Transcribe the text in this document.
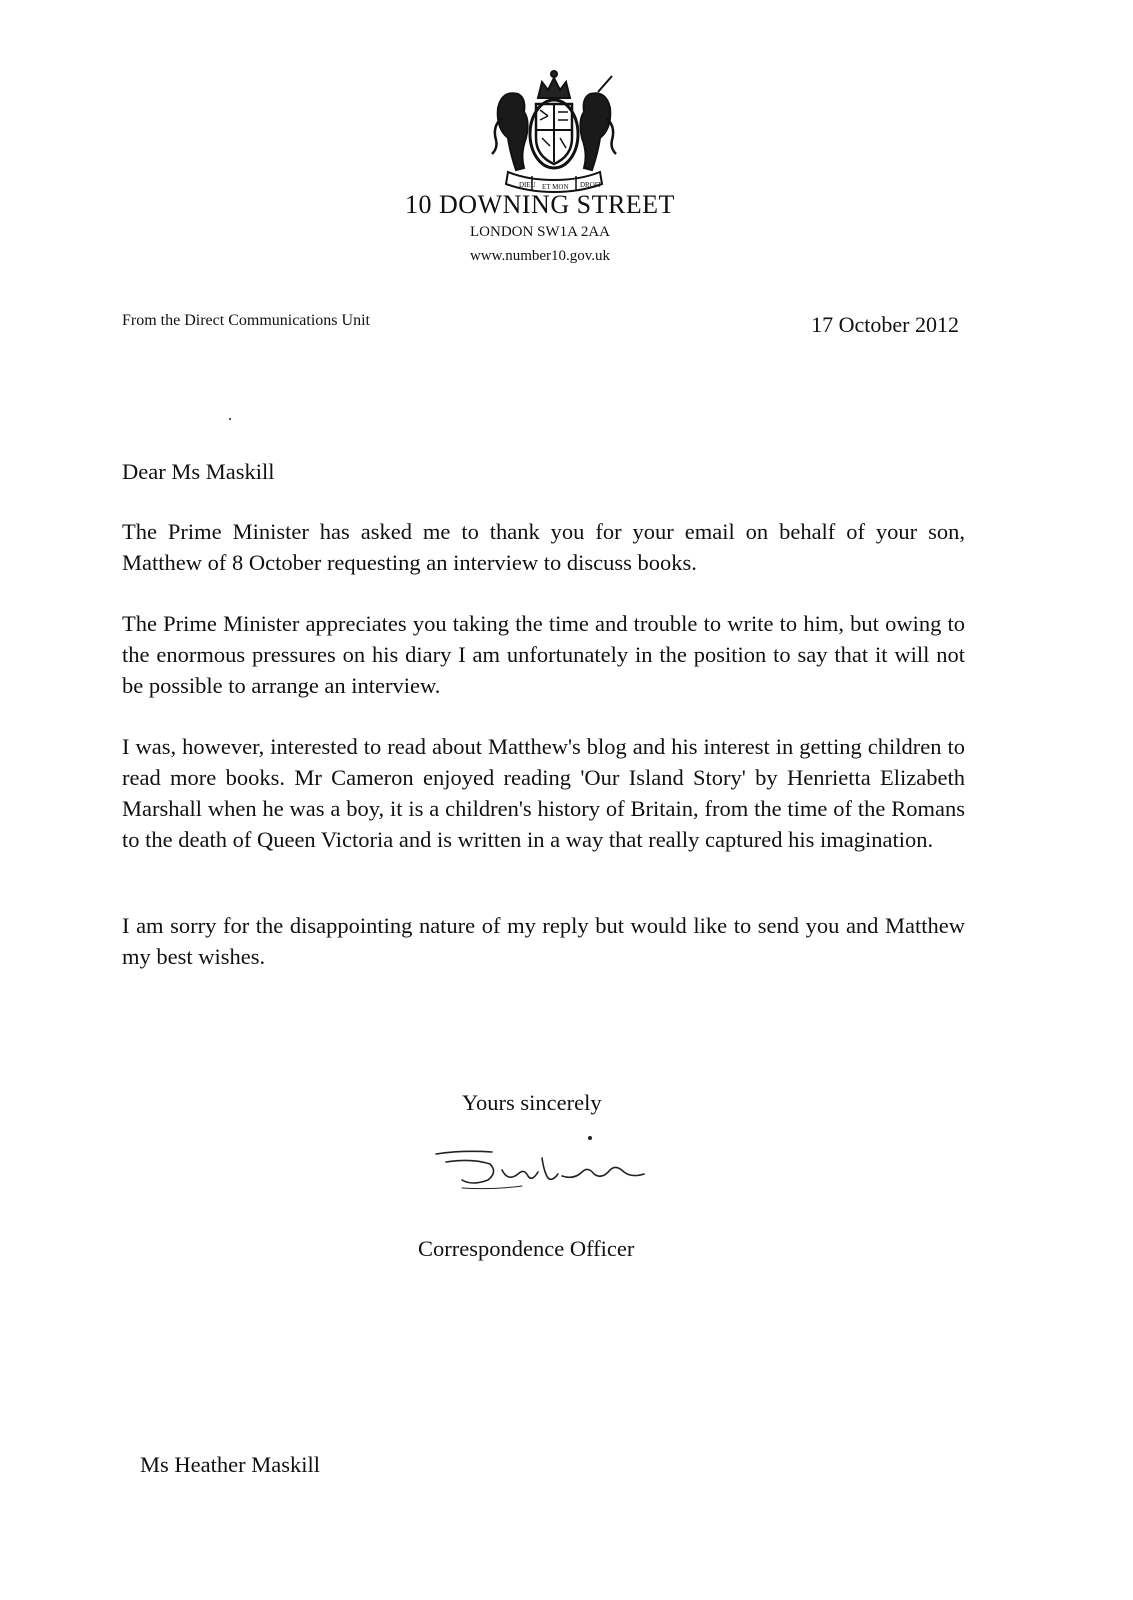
DIEU ET MON DROIT
10 DOWNING STREET

LONDON SW1A 2AA

www.number10.gov.uk

From the Direct Communications Unit	17 October 2012

Dear Ms Maskill

The Prime Minister has asked me to thank you for your email on behalf of your son, Matthew of 8 October requesting an interview to discuss books.

The Prime Minister appreciates you taking the time and trouble to write to him, but owing to the enormous pressures on his diary I am unfortunately in the position to say that it will not be possible to arrange an interview.

I was, however, interested to read about Matthew's blog and his interest in getting children to read more books. Mr Cameron enjoyed reading 'Our Island Story' by Henrietta Elizabeth Marshall when he was a boy, it is a children's history of Britain, from the time of the Romans to the death of Queen Victoria and is written in a way that really captured his imagination.

I am sorry for the disappointing nature of my reply but would like to send you and Matthew my best wishes.

Yours sincerely

Correspondence Officer

Ms Heather Maskill
